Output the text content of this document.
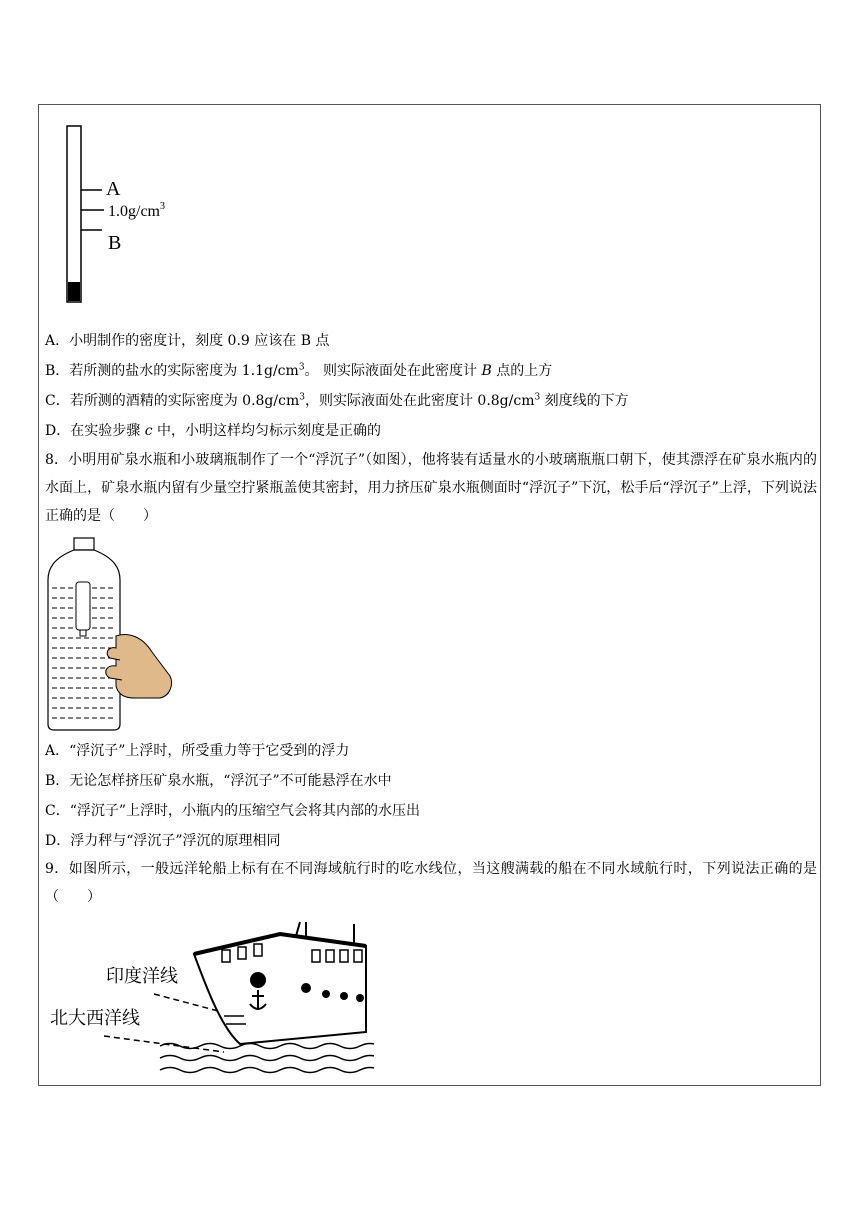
A
$1.0g/cm^3$
B
A．小明制作的密度计，刻度 0.9 应该在 B 点
B．若所测的盐水的实际密度为 $1.1g/cm^3$。 则实际液面处在此密度计 B 点的上方
C．若所测的酒精的实际密度为 $0.8g/cm^3$，则实际液面处在此密度计 $0.8g/cm^3$ 刻度线的下方
D．在实验步骤 c 中，小明这样均匀标示刻度是正确的
8．小明用矿泉水瓶和小玻璃瓶制作了一个“浮沉子”（如图），他将装有适量水的小玻璃瓶瓶口朝下，使其漂浮在矿泉水瓶内的水面上，矿泉水瓶内留有少量空拧紧瓶盖使其密封，用力挤压矿泉水瓶侧面时“浮沉子”下沉，松手后“浮沉子”上浮，下列说法正确的是（　　）
A．“浮沉子”上浮时，所受重力等于它受到的浮力
B．无论怎样挤压矿泉水瓶，“浮沉子”不可能悬浮在水中
C．“浮沉子”上浮时，小瓶内的压缩空气会将其内部的水压出
D．浮力秤与“浮沉子”浮沉的原理相同
9．如图所示，一般远洋轮船上标有在不同海域航行时的吃水线位，当这艘满载的船在不同水域航行时，下列说法正确的是（　　）
印度洋线
北大西洋线
